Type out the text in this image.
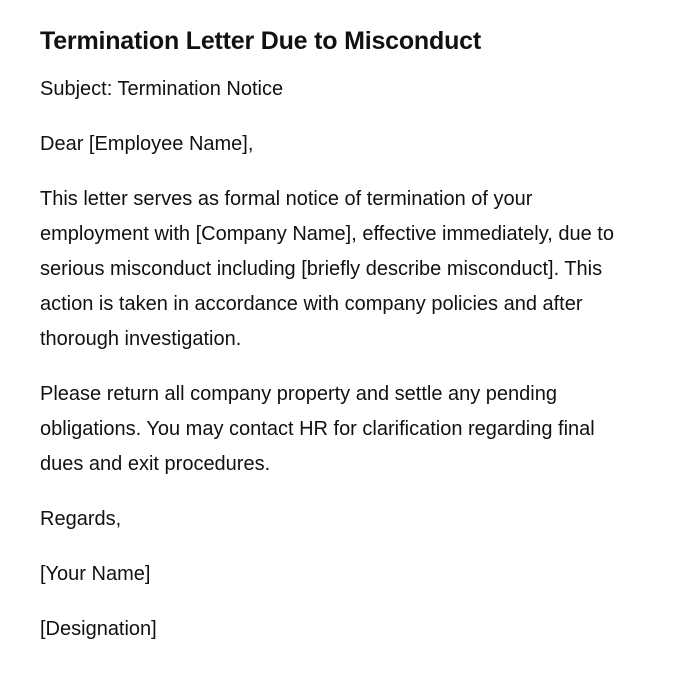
Termination Letter Due to Misconduct

Subject: Termination Notice

Dear [Employee Name],

This letter serves as formal notice of termination of your employment with [Company Name], effective immediately, due to serious misconduct including [briefly describe misconduct]. This action is taken in accordance with company policies and after thorough investigation.

Please return all company property and settle any pending obligations. You may contact HR for clarification regarding final dues and exit procedures.

Regards,

[Your Name]

[Designation]
